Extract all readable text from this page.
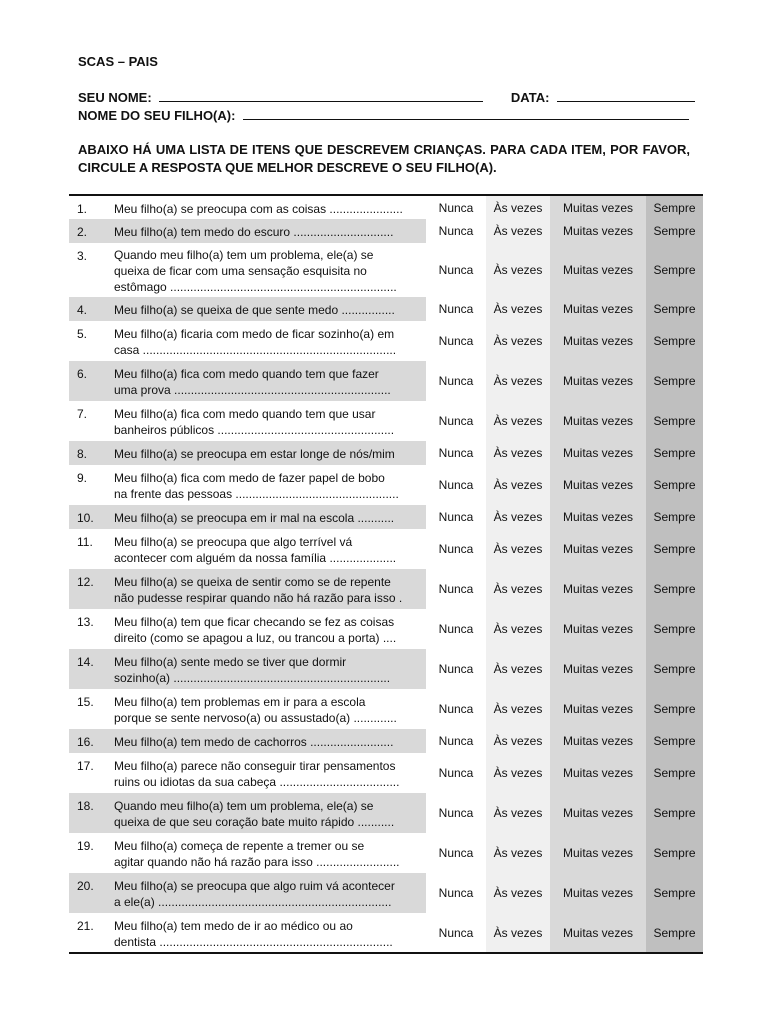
SCAS – PAIS
SEU NOME:	DATA:
NOME DO SEU FILHO(A):
ABAIXO HÁ UMA LISTA DE ITENS QUE DESCREVEM CRIANÇAS. PARA CADA ITEM, POR FAVOR, CIRCULE A RESPOSTA QUE MELHOR DESCREVE O SEU FILHO(A).
1.	Meu filho(a) se preocupa com as coisas ......................	Nunca	Às vezes	Muitas vezes	Sempre
2.	Meu filho(a) tem medo do escuro ..............................	Nunca	Às vezes	Muitas vezes	Sempre
3.	Quando meu filho(a) tem um problema, ele(a) se
queixa de ficar com uma sensação esquisita no
estômago ....................................................................	Nunca	Às vezes	Muitas vezes	Sempre
4.	Meu filho(a) se queixa de que sente medo ................	Nunca	Às vezes	Muitas vezes	Sempre
5.	Meu filho(a) ficaria com medo de ficar sozinho(a) em
casa ............................................................................	Nunca	Às vezes	Muitas vezes	Sempre
6.	Meu filho(a) fica com medo quando tem que fazer
uma prova .................................................................	Nunca	Às vezes	Muitas vezes	Sempre
7.	Meu filho(a) fica com medo quando tem que usar
banheiros públicos .....................................................	Nunca	Às vezes	Muitas vezes	Sempre
8.	Meu filho(a) se preocupa em estar longe de nós/mim	Nunca	Às vezes	Muitas vezes	Sempre
9.	Meu filho(a) fica com medo de fazer papel de bobo
na frente das pessoas .................................................	Nunca	Às vezes	Muitas vezes	Sempre
10.	Meu filho(a) se preocupa em ir mal na escola ...........	Nunca	Às vezes	Muitas vezes	Sempre
11.	Meu filho(a) se preocupa que algo terrível vá
acontecer com alguém da nossa família ....................	Nunca	Às vezes	Muitas vezes	Sempre
12.	Meu filho(a) se queixa de sentir como se de repente
não pudesse respirar quando não há razão para isso .	Nunca	Às vezes	Muitas vezes	Sempre
13.	Meu filho(a) tem que ficar checando se fez as coisas
direito (como se apagou a luz, ou trancou a porta) ....	Nunca	Às vezes	Muitas vezes	Sempre
14.	Meu filho(a) sente medo se tiver que dormir
sozinho(a) .................................................................	Nunca	Às vezes	Muitas vezes	Sempre
15.	Meu filho(a) tem problemas em ir para a escola
porque se sente nervoso(a) ou assustado(a) .............	Nunca	Às vezes	Muitas vezes	Sempre
16.	Meu filho(a) tem medo de cachorros .........................	Nunca	Às vezes	Muitas vezes	Sempre
17.	Meu filho(a) parece não conseguir tirar pensamentos
ruins ou idiotas da sua cabeça ....................................	Nunca	Às vezes	Muitas vezes	Sempre
18.	Quando meu filho(a) tem um problema, ele(a) se
queixa de que seu coração bate muito rápido ...........	Nunca	Às vezes	Muitas vezes	Sempre
19.	Meu filho(a) começa de repente a tremer ou se
agitar quando não há razão para isso .........................	Nunca	Às vezes	Muitas vezes	Sempre
20.	Meu filho(a) se preocupa que algo ruim vá acontecer
a ele(a) ......................................................................	Nunca	Às vezes	Muitas vezes	Sempre
21.	Meu filho(a) tem medo de ir ao médico ou ao
dentista ......................................................................	Nunca	Às vezes	Muitas vezes	Sempre
